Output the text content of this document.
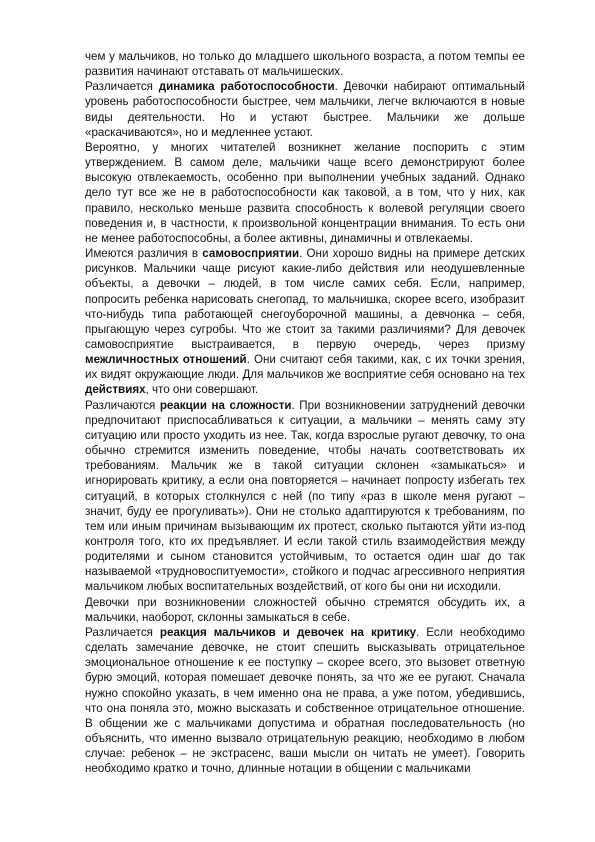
чем у мальчиков, но только до младшего школьного возраста, а потом темпы ее развития начинают отставать от мальчишеских.

Различается динамика работоспособности. Девочки набирают оптимальный уровень работоспособности быстрее, чем мальчики, легче включаются в новые виды деятельности. Но и устают быстрее. Мальчики же дольше «раскачиваются», но и медленнее устают.

Вероятно, у многих читателей возникнет желание поспорить с этим утверждением. В самом деле, мальчики чаще всего демонстрируют более высокую отвлекаемость, особенно при выполнении учебных заданий. Однако дело тут все же не в работоспособности как таковой, а в том, что у них, как правило, несколько меньше развита способность к волевой регуляции своего поведения и, в частности, к произвольной концентрации внимания. То есть они не менее работоспособны, а более активны, динамичны и отвлекаемы.

Имеются различия в самовосприятии. Они хорошо видны на примере детских рисунков. Мальчики чаще рисуют какие-либо действия или неодушевленные объекты, а девочки – людей, в том числе самих себя. Если, например, попросить ребенка нарисовать снегопад, то мальчишка, скорее всего, изобразит что-нибудь типа работающей снегоуборочной машины, а девчонка – себя, прыгающую через сугробы. Что же стоит за такими различиями? Для девочек самовосприятие выстраивается, в первую очередь, через призму межличностных отношений. Они считают себя такими, как, с их точки зрения, их видят окружающие люди. Для мальчиков же восприятие себя основано на тех действиях, что они совершают.

Различаются реакции на сложности. При возникновении затруднений девочки предпочитают приспосабливаться к ситуации, а мальчики – менять саму эту ситуацию или просто уходить из нее. Так, когда взрослые ругают девочку, то она обычно стремится изменить поведение, чтобы начать соответствовать их требованиям. Мальчик же в такой ситуации склонен «замыкаться» и игнорировать критику, а если она повторяется – начинает попросту избегать тех ситуаций, в которых столкнулся с ней (по типу «раз в школе меня ругают – значит, буду ее прогуливать»). Они не столько адаптируются к требованиям, по тем или иным причинам вызывающим их протест, сколько пытаются уйти из-под контроля того, кто их предъявляет. И если такой стиль взаимодействия между родителями и сыном становится устойчивым, то остается один шаг до так называемой «трудновоспитуемости», стойкого и подчас агрессивного неприятия мальчиком любых воспитательных воздействий, от кого бы они ни исходили.

Девочки при возникновении сложностей обычно стремятся обсудить их, а мальчики, наоборот, склонны замыкаться в себе.

Различается реакция мальчиков и девочек на критику. Если необходимо сделать замечание девочке, не стоит спешить высказывать отрицательное эмоциональное отношение к ее поступку – скорее всего, это вызовет ответную бурю эмоций, которая помешает девочке понять, за что же ее ругают. Сначала нужно спокойно указать, в чем именно она не права, а уже потом, убедившись, что она поняла это, можно высказать и собственное отрицательное отношение. В общении же с мальчиками допустима и обратная последовательность (но объяснить, что именно вызвало отрицательную реакцию, необходимо в любом случае: ребенок – не экстрасенс, ваши мысли он читать не умеет). Говорить необходимо кратко и точно, длинные нотации в общении с мальчиками
